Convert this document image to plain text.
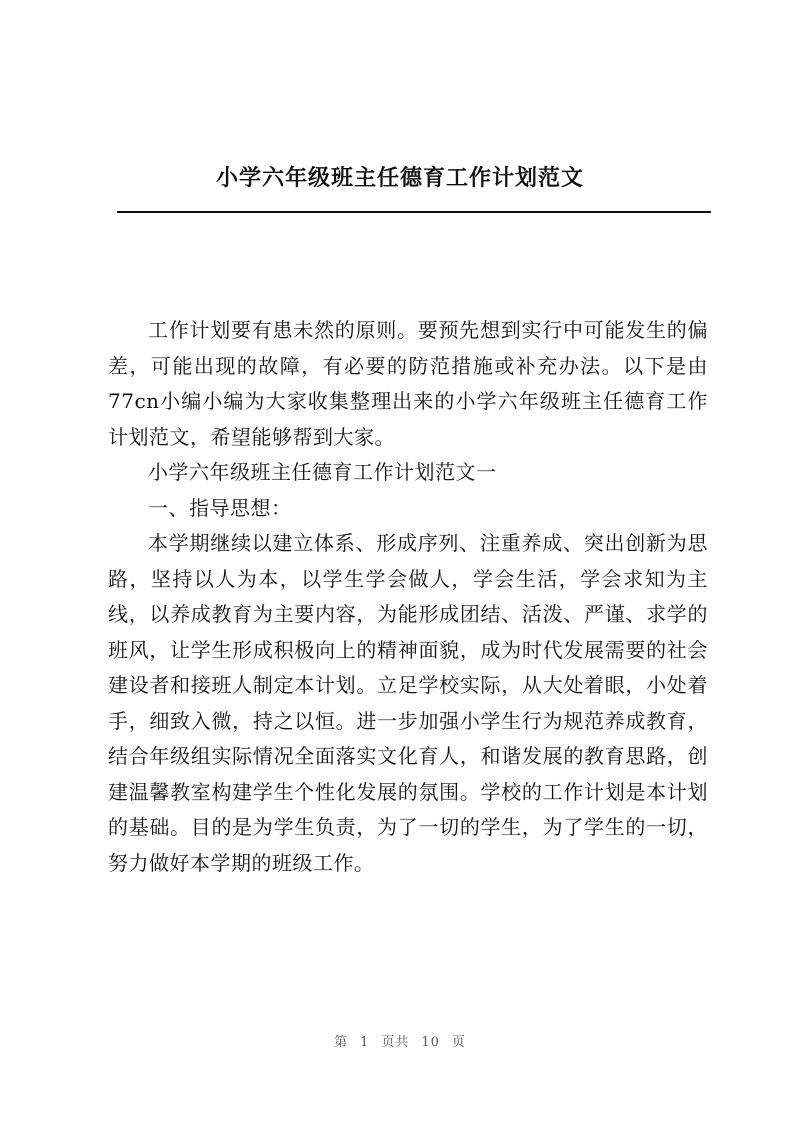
小学六年级班主任德育工作计划范文

工作计划要有患未然的原则。要预先想到实行中可能发生的偏差，可能出现的故障，有必要的防范措施或补充办法。以下是由77cn小编小编为大家收集整理出来的小学六年级班主任德育工作计划范文，希望能够帮到大家。

小学六年级班主任德育工作计划范文一

一、指导思想：

本学期继续以建立体系、形成序列、注重养成、突出创新为思路，坚持以人为本，以学生学会做人，学会生活，学会求知为主线，以养成教育为主要内容，为能形成团结、活泼、严谨、求学的班风，让学生形成积极向上的精神面貌，成为时代发展需要的社会建设者和接班人制定本计划。立足学校实际，从大处着眼，小处着手，细致入微，持之以恒。进一步加强小学生行为规范养成教育，结合年级组实际情况全面落实文化育人，和谐发展的教育思路，创建温馨教室构建学生个性化发展的氛围。学校的工作计划是本计划的基础。目的是为学生负责，为了一切的学生，为了学生的一切，努力做好本学期的班级工作。

第 1 页共 10 页
